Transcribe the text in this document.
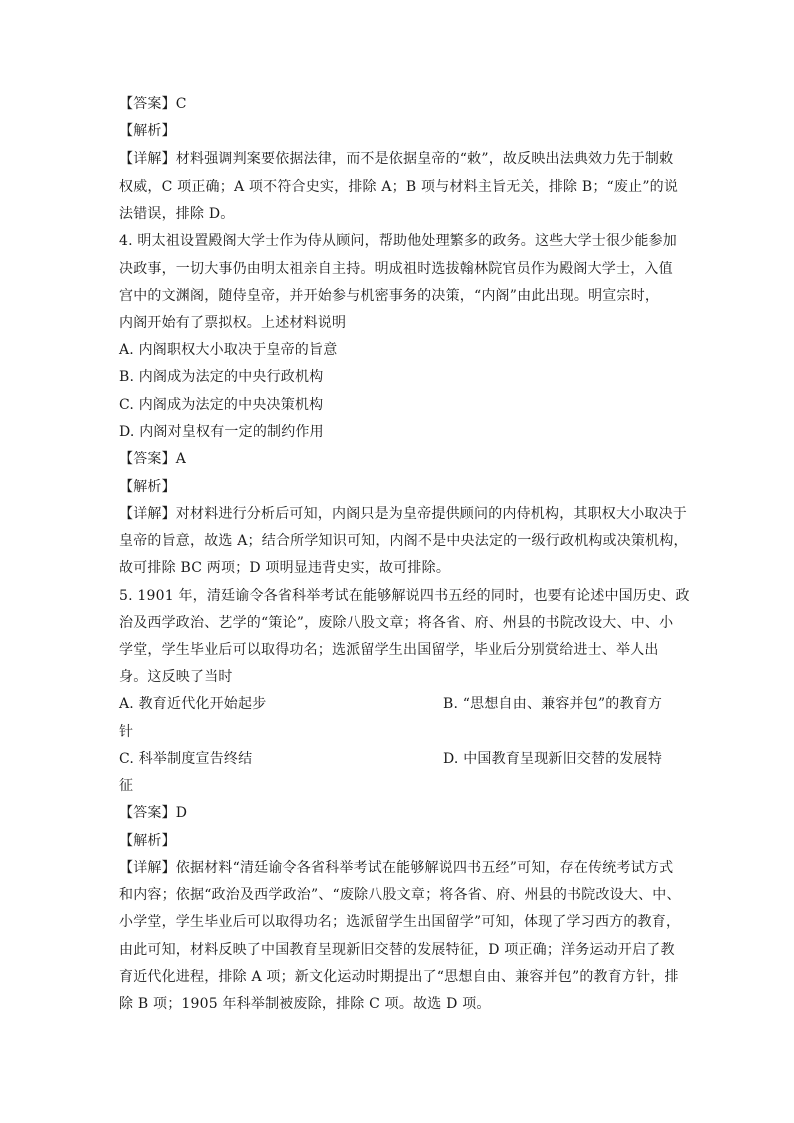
【答案】C
【解析】
【详解】材料强调判案要依据法律，而不是依据皇帝的“敕”，故反映出法典效力先于制敕
权威，C 项正确；A 项不符合史实，排除 A；B 项与材料主旨无关，排除 B；“废止”的说
法错误，排除 D。
4. 明太祖设置殿阁大学士作为侍从顾问，帮助他处理繁多的政务。这些大学士很少能参加
决政事，一切大事仍由明太祖亲自主持。明成祖时选拔翰林院官员作为殿阁大学士，入值
宫中的文渊阁，随侍皇帝，并开始参与机密事务的决策，“内阁”由此出现。明宣宗时，
内阁开始有了票拟权。上述材料说明
A. 内阁职权大小取决于皇帝的旨意
B. 内阁成为法定的中央行政机构
C. 内阁成为法定的中央决策机构
D. 内阁对皇权有一定的制约作用
【答案】A
【解析】
【详解】对材料进行分析后可知，内阁只是为皇帝提供顾问的内侍机构，其职权大小取决于
皇帝的旨意，故选 A；结合所学知识可知，内阁不是中央法定的一级行政机构或决策机构，
故可排除 BC 两项；D 项明显违背史实，故可排除。
5. 1901 年，清廷谕令各省科举考试在能够解说四书五经的同时，也要有论述中国历史、政
治及西学政治、艺学的“策论”，废除八股文章；将各省、府、州县的书院改设大、中、小
学堂，学生毕业后可以取得功名；选派留学生出国留学，毕业后分别赏给进士、举人出
身。这反映了当时
A. 教育近代化开始起步	B. “思想自由、兼容并包”的教育方
针
C. 科举制度宣告终结	D. 中国教育呈现新旧交替的发展特
征
【答案】D
【解析】
【详解】依据材料“清廷谕令各省科举考试在能够解说四书五经”可知，存在传统考试方式
和内容；依据“政治及西学政治”、“废除八股文章；将各省、府、州县的书院改设大、中、
小学堂，学生毕业后可以取得功名；选派留学生出国留学”可知，体现了学习西方的教育，
由此可知，材料反映了中国教育呈现新旧交替的发展特征，D 项正确；洋务运动开启了教
育近代化进程，排除 A 项；新文化运动时期提出了“思想自由、兼容并包”的教育方针，排
除 B 项；1905 年科举制被废除，排除 C 项。故选 D 项。
